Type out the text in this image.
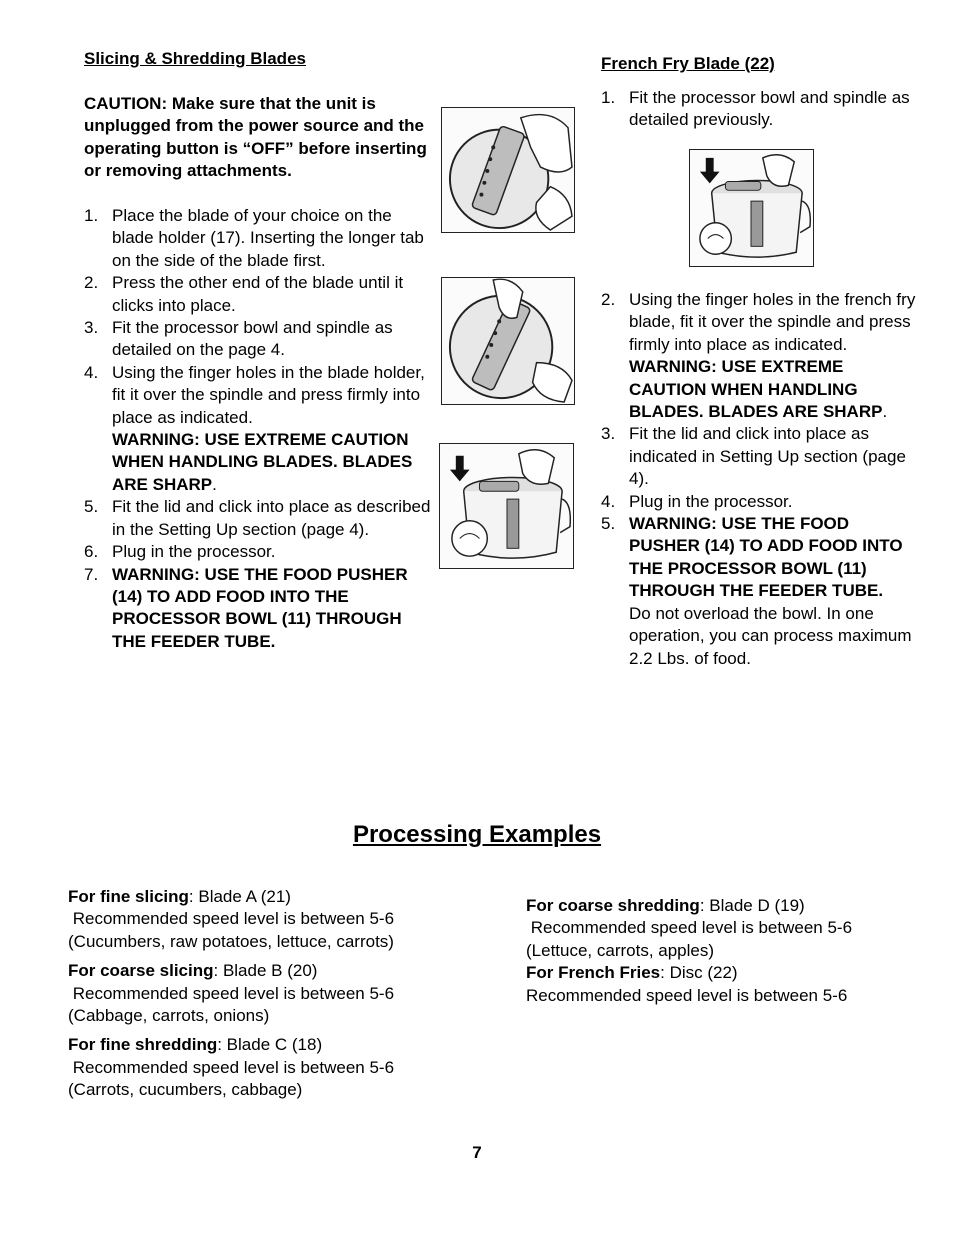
Slicing & Shredding Blades
CAUTION: Make sure that the unit is unplugged from the power source and the operating button is “OFF” before inserting or removing attachments.
1. Place the blade of your choice on the blade holder (17). Inserting the longer tab on the side of the blade first.
2. Press the other end of the blade until it clicks into place.
3. Fit the processor bowl and spindle as detailed on the page 4.
4. Using the finger holes in the blade holder, fit it over the spindle and press firmly into place as indicated.
WARNING: USE EXTREME CAUTION WHEN HANDLING BLADES. BLADES ARE SHARP.
5. Fit the lid and click into place as described in the Setting Up section (page 4).
6. Plug in the processor.
7. WARNING: USE THE FOOD PUSHER (14) TO ADD FOOD INTO THE PROCESSOR BOWL (11) THROUGH THE FEEDER TUBE.
French Fry Blade (22)
1. Fit the processor bowl and spindle as detailed previously.
2. Using the finger holes in the french fry blade, fit it over the spindle and press firmly into place as indicated.
WARNING: USE EXTREME CAUTION WHEN HANDLING BLADES. BLADES ARE SHARP.
3. Fit the lid and click into place as indicated in Setting Up section (page 4).
4. Plug in the processor.
5. WARNING: USE THE FOOD PUSHER (14) TO ADD FOOD INTO THE PROCESSOR BOWL (11) THROUGH THE FEEDER TUBE.
Do not overload the bowl. In one operation, you can process maximum 2.2 Lbs. of food.
Processing Examples

For fine slicing: Blade A (21)

Recommended speed level is between 5-6

(Cucumbers, raw potatoes, lettuce, carrots)

For coarse slicing: Blade B (20)

Recommended speed level is between 5-6

(Cabbage, carrots, onions)

For fine shredding: Blade C (18)

Recommended speed level is between 5-6

(Carrots, cucumbers, cabbage)

For coarse shredding: Blade D (19)

Recommended speed level is between 5-6

(Lettuce, carrots, apples)

For French Fries: Disc (22)

Recommended speed level is between 5-6

7
